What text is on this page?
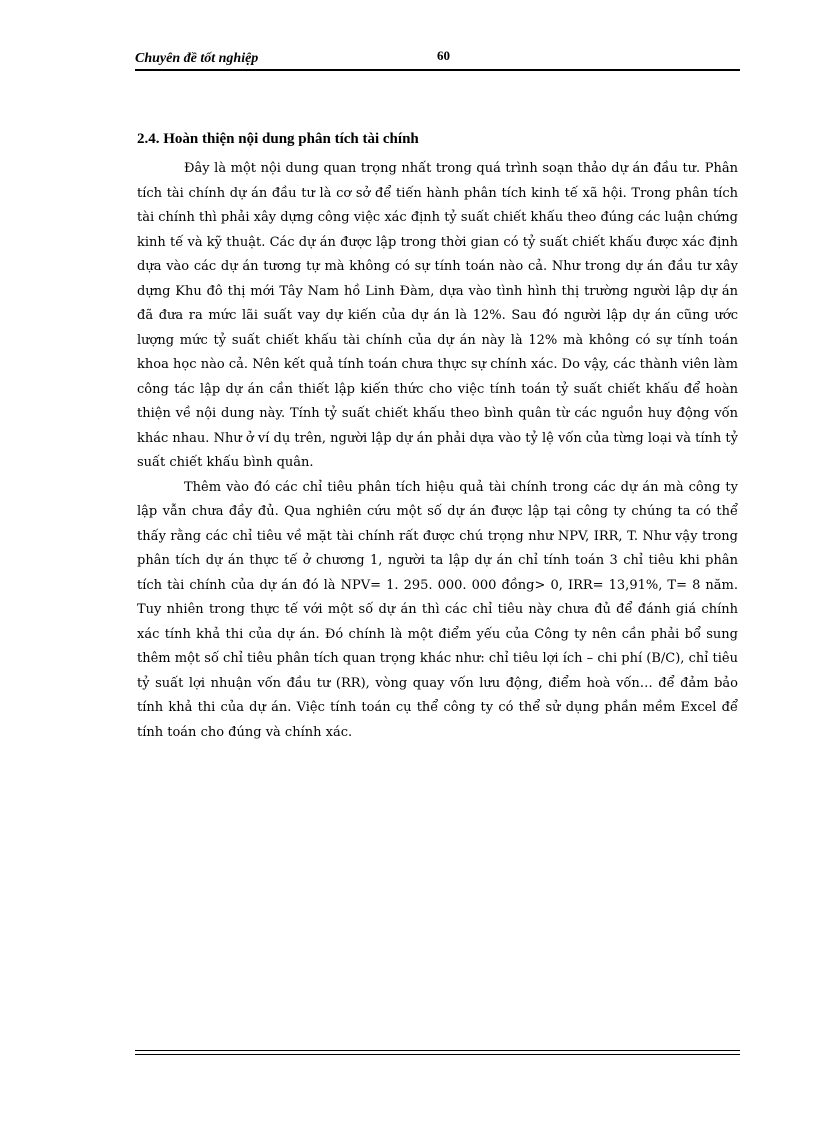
Chuyên đề tốt nghiệp	60
2.4. Hoàn thiện nội dung phân tích tài chính

Đây là một nội dung quan trọng nhất trong quá trình soạn thảo dự án đầu tư. Phân tích tài chính dự án đầu tư là cơ sở để tiến hành phân tích kinh tế xã hội. Trong phân tích tài chính thì phải xây dựng công việc xác định tỷ suất chiết khấu theo đúng các luận chứng kinh tế và kỹ thuật. Các dự án được lập trong thời gian có tỷ suất chiết khấu được xác định dựa vào các dự án tương tự mà không có sự tính toán nào cả. Như trong dự án đầu tư xây dựng Khu đô thị mới Tây Nam hồ Linh Đàm, dựa vào tình hình thị trường người lập dự án đã đưa ra mức lãi suất vay dự kiến của dự án là 12%. Sau đó người lập dự án cũng ước lượng mức tỷ suất chiết khấu tài chính của dự án này là 12% mà không có sự tính toán khoa học nào cả. Nên kết quả tính toán chưa thực sự chính xác. Do vậy, các thành viên làm công tác lập dự án cần thiết lập kiến thức cho việc tính toán tỷ suất chiết khấu để hoàn thiện về nội dung này. Tính tỷ suất chiết khấu theo bình quân từ các nguồn huy động vốn khác nhau. Như ở ví dụ trên, người lập dự án phải dựa vào tỷ lệ vốn của từng loại và tính tỷ suất chiết khấu bình quân.

Thêm vào đó các chỉ tiêu phân tích hiệu quả tài chính trong các dự án mà công ty lập vẫn chưa đầy đủ. Qua nghiên cứu một số dự án được lập tại công ty chúng ta có thể thấy rằng các chỉ tiêu về mặt tài chính rất được chú trọng như NPV, IRR, T. Như vậy trong phân tích dự án thực tế ở chương 1, người ta lập dự án chỉ tính toán 3 chỉ tiêu khi phân tích tài chính của dự án đó là NPV= 1. 295. 000. 000 đồng> 0, IRR= 13,91%, T= 8 năm. Tuy nhiên trong thực tế với một số dự án thì các chỉ tiêu này chưa đủ để đánh giá chính xác tính khả thi của dự án. Đó chính là một điểm yếu của Công ty nên cần phải bổ sung thêm một số chỉ tiêu phân tích quan trọng khác như: chỉ tiêu lợi ích – chi phí (B/C), chỉ tiêu tỷ suất lợi nhuận vốn đầu tư (RR), vòng quay vốn lưu động, điểm hoà vốn… để đảm bảo tính khả thi của dự án. Việc tính toán cụ thể công ty có thể sử dụng phần mềm Excel để tính toán cho đúng và chính xác.
